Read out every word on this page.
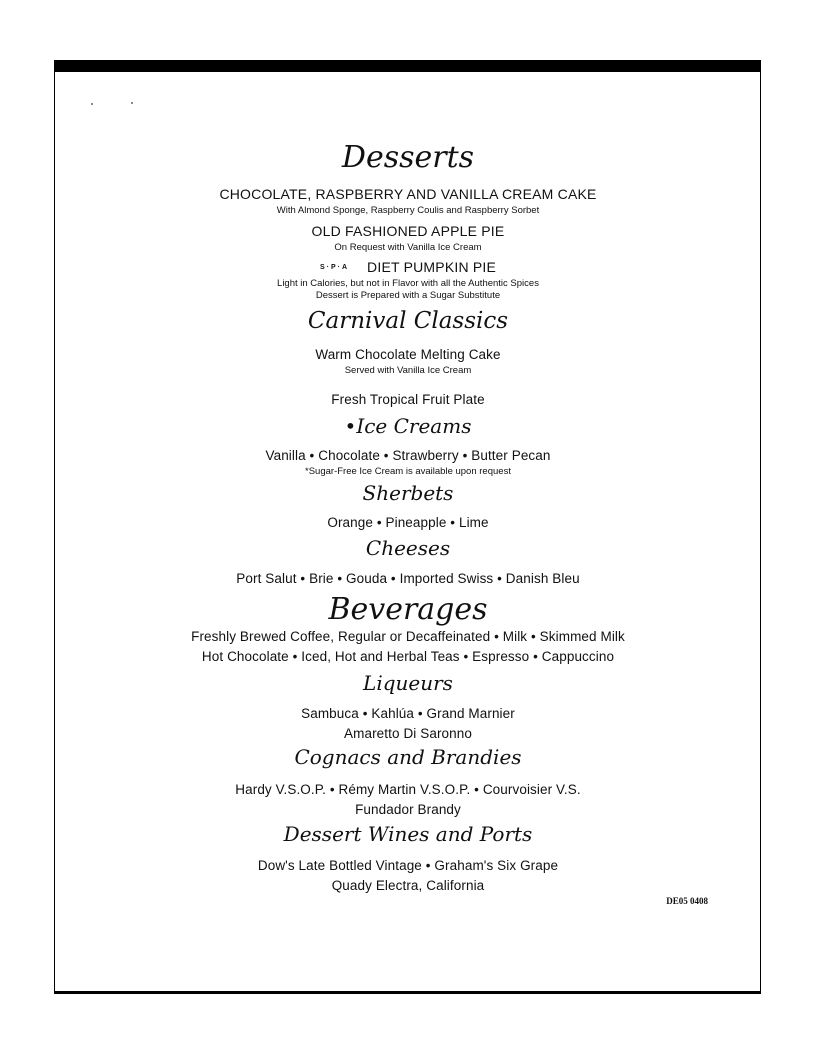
Desserts
CHOCOLATE, RASPBERRY AND VANILLA CREAM CAKE
With Almond Sponge, Raspberry Coulis and Raspberry Sorbet
OLD FASHIONED APPLE PIE
On Request with Vanilla Ice Cream
S·P·A DIET PUMPKIN PIE
Light in Calories, but not in Flavor with all the Authentic Spices
Dessert is Prepared with a Sugar Substitute
Carnival Classics
Warm Chocolate Melting Cake
Served with Vanilla Ice Cream
Fresh Tropical Fruit Plate
•Ice Creams
Vanilla • Chocolate • Strawberry • Butter Pecan
*Sugar-Free Ice Cream is available upon request
Sherbets
Orange • Pineapple • Lime
Cheeses
Port Salut • Brie • Gouda • Imported Swiss • Danish Bleu
Beverages
Freshly Brewed Coffee, Regular or Decaffeinated • Milk • Skimmed Milk
Hot Chocolate • Iced, Hot and Herbal Teas • Espresso • Cappuccino
Liqueurs
Sambuca • Kahlúa • Grand Marnier
Amaretto Di Saronno
Cognacs and Brandies
Hardy V.S.O.P. • Rémy Martin V.S.O.P. • Courvoisier V.S.
Fundador Brandy
Dessert Wines and Ports
Dow's Late Bottled Vintage • Graham's Six Grape
Quady Electra, California
DE05 0408
